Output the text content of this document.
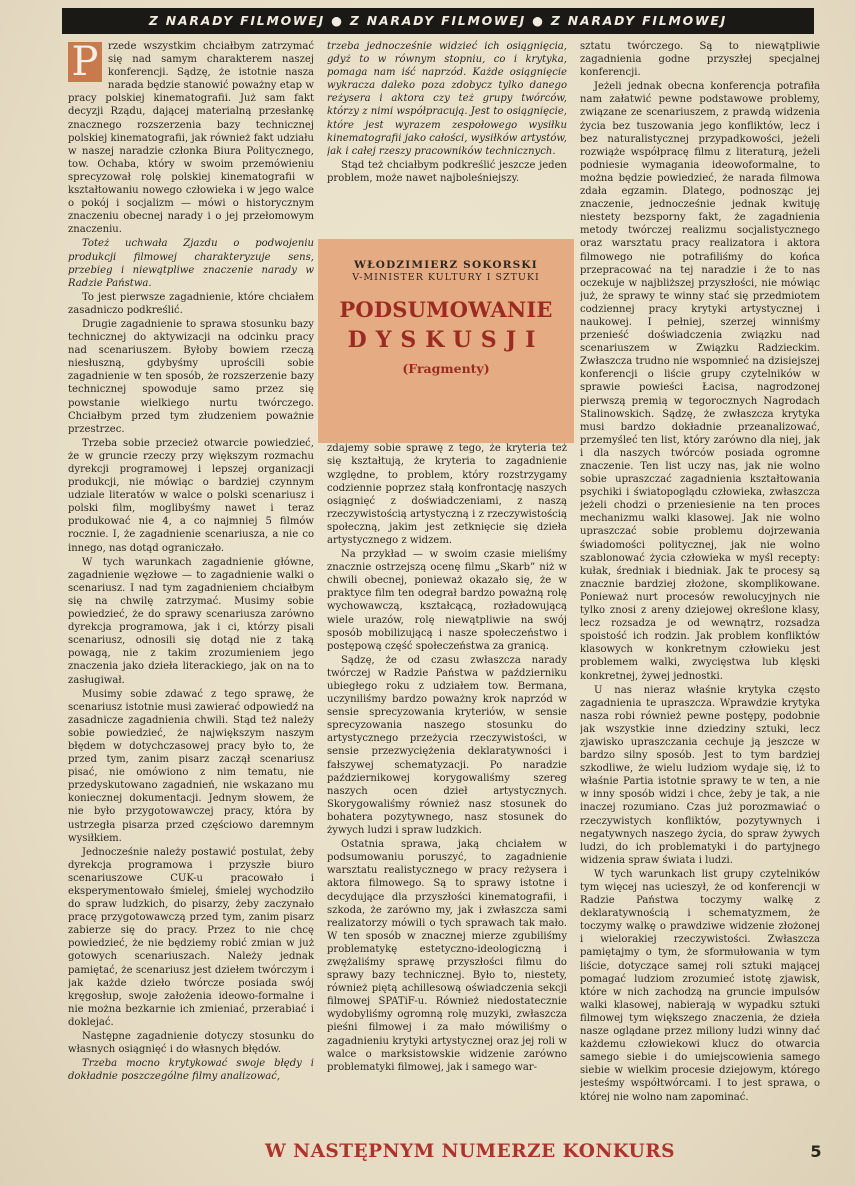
Z NARADY FILMOWEJ ● Z NARADY FILMOWEJ ● Z NARADY FILMOWEJ

P rzede wszystkim chciałbym zatrzymać się nad samym charakterem naszej konferencji. Sądzę, że istotnie nasza narada będzie stanowić poważny etap w pracy polskiej kinematografii. Już sam fakt decyzji Rządu, dającej materialną przesłankę znacznego rozszerzenia bazy technicznej polskiej kinematografii, jak również fakt udziału w naszej naradzie członka Biura Politycznego, tow. Ochaba, który w swoim przemówieniu sprecyzował rolę polskiej kinematografii w kształtowaniu nowego człowieka i w jego walce o pokój i socjalizm — mówi o historycznym znaczeniu obecnej narady i o jej przełomowym znaczeniu.

Toteż uchwała Zjazdu o podwojeniu produkcji filmowej charakteryzuje sens, przebieg i niewątpliwe znaczenie narady w Radzie Państwa.

To jest pierwsze zagadnienie, które chciałem zasadniczo podkreślić.

Drugie zagadnienie to sprawa stosunku bazy technicznej do aktywizacji na odcinku pracy nad scenariuszem. Byłoby bowiem rzeczą niesłuszną, gdybyśmy uprościli sobie zagadnienie w ten sposób, że rozszerzenie bazy technicznej spowoduje samo przez się powstanie wielkiego nurtu twórczego. Chciałbym przed tym złudzeniem poważnie przestrzec.

Trzeba sobie przecież otwarcie powiedzieć, że w gruncie rzeczy przy większym rozmachu dyrekcji programowej i lepszej organizacji produkcji, nie mówiąc o bardziej czynnym udziale literatów w walce o polski scenariusz i polski film, moglibyśmy nawet i teraz produkować nie 4, a co najmniej 5 filmów rocznie. I, że zagadnienie scenariusza, a nie co innego, nas dotąd ograniczało.

W tych warunkach zagadnienie główne, zagadnienie węzłowe — to zagadnienie walki o scenariusz. I nad tym zagadnieniem chciałbym się na chwilę zatrzymać. Musimy sobie powiedzieć, że do sprawy scenariusza zarówno dyrekcja programowa, jak i ci, którzy pisali scenariusz, odnosili się dotąd nie z taką powagą, nie z takim zrozumieniem jego znaczenia jako dzieła literackiego, jak on na to zasługiwał.

Musimy sobie zdawać z tego sprawę, że scenariusz istotnie musi zawierać odpowiedź na zasadnicze zagadnienia chwili. Stąd też należy sobie powiedzieć, że największym naszym błędem w dotychczasowej pracy było to, że przed tym, zanim pisarz zaczął scenariusz pisać, nie omówiono z nim tematu, nie przedyskutowano zagadnień, nie wskazano mu koniecznej dokumentacji. Jednym słowem, że nie było przygotowawczej pracy, która by ustrzegła pisarza przed częściowo daremnym wysiłkiem.

Jednocześnie należy postawić postulat, żeby dyrekcja programowa i przyszłe biuro scenariuszowe CUK-u pracowało i eksperymentowało śmielej, śmielej wychodziło do spraw ludzkich, do pisarzy, żeby zaczynało pracę przygotowawczą przed tym, zanim pisarz zabierze się do pracy. Przez to nie chcę powiedzieć, że nie będziemy robić zmian w już gotowych scenariuszach. Należy jednak pamiętać, że scenariusz jest dziełem twórczym i jak każde dzieło twórcze posiada swój kręgosłup, swoje założenia ideowo-formalne i nie można bezkarnie ich zmieniać, przerabiać i doklejać.

Następne zagadnienie dotyczy stosunku do własnych osiągnięć i do własnych błędów.

Trzeba mocno krytykować swoje błędy i dokładnie poszczególne filmy analizować,

trzeba jednocześnie widzieć ich osiągnięcia, gdyż to w równym stopniu, co i krytyka, pomaga nam iść naprzód. Każde osiągnięcie wykracza daleko poza zdobycz tylko danego reżysera i aktora czy też grupy twórców, którzy z nimi współpracują. Jest to osiągnięcie, które jest wyrazem zespołowego wysiłku kinematografii jako całości, wysiłków artystów, jak i całej rzeszy pracowników technicznych.

Stąd też chciałbym podkreślić jeszcze jeden problem, może nawet najboleśniejszy.

zdajemy sobie sprawę z tego, że kryteria też się kształtują, że kryteria to zagadnienie względne, to problem, który rozstrzygamy codziennie poprzez stałą konfrontację naszych osiągnięć z doświadczeniami, z naszą rzeczywistością artystyczną i z rzeczywistością społeczną, jakim jest zetknięcie się dzieła artystycznego z widzem.

Na przykład — w swoim czasie mieliśmy znacznie ostrzejszą ocenę filmu „Skarb” niż w chwili obecnej, ponieważ okazało się, że w praktyce film ten odegrał bardzo poważną rolę wychowawczą, kształcącą, rozładowującą wiele urazów, rolę niewątpliwie na swój sposób mobilizującą i nasze społeczeństwo i postępową część społeczeństwa za granicą.

Sądzę, że od czasu zwłaszcza narady twórczej w Radzie Państwa w październiku ubiegłego roku z udziałem tow. Bermana, uczyniliśmy bardzo poważny krok naprzód w sensie sprecyzowania kryteriów, w sensie sprecyzowania naszego stosunku do artystycznego przeżycia rzeczywistości, w sensie przezwyciężenia deklaratywności i fałszywej schematyzacji. Po naradzie październikowej korygowaliśmy szereg naszych ocen dzieł artystycznych. Skorygowaliśmy również nasz stosunek do bohatera pozytywnego, nasz stosunek do żywych ludzi i spraw ludzkich.

Ostatnia sprawa, jaką chciałem w podsumowaniu poruszyć, to zagadnienie warsztatu realistycznego w pracy reżysera i aktora filmowego. Są to sprawy istotne i decydujące dla przyszłości kinematografii, i szkoda, że zarówno my, jak i zwłaszcza sami realizatorzy mówili o tych sprawach tak mało. W ten sposób w znacznej mierze zgubiliśmy problematykę estetyczno-ideologiczną i zwężaliśmy sprawę przyszłości filmu do sprawy bazy technicznej. Było to, niestety, również piętą achillesową oświadczenia sekcji filmowej SPATiF-u. Również niedostatecznie wydobyliśmy ogromną rolę muzyki, zwłaszcza pieśni filmowej i za mało mówiliśmy o zagadnieniu krytyki artystycznej oraz jej roli w walce o marksistowskie widzenie zarówno problematyki filmowej, jak i samego war-

WŁODZIMIERZ SOKORSKI
V-MINISTER KULTURY I SZTUKI
PODSUMOWANIE
DYSKUSJI
(Fragmenty)

sztatu twórczego. Są to niewątpliwie zagadnienia godne przyszłej specjalnej konferencji.

Jeżeli jednak obecna konferencja potrafiła nam załatwić pewne podstawowe problemy, związane ze scenariuszem, z prawdą widzenia życia bez tuszowania jego konfliktów, lecz i bez naturalistycznej przypadkowości, jeżeli rozwiąże współpracę filmu z literaturą, jeżeli podniesie wymagania ideowoformalne, to można będzie powiedzieć, że narada filmowa zdała egzamin. Dlatego, podnosząc jej znaczenie, jednocześnie jednak kwituję niestety bezsporny fakt, że zagadnienia metody twórczej realizmu socjalistycznego oraz warsztatu pracy realizatora i aktora filmowego nie potrafiliśmy do końca przepracować na tej naradzie i że to nas oczekuje w najbliższej przyszłości, nie mówiąc już, że sprawy te winny stać się przedmiotem codziennej pracy krytyki artystycznej i naukowej. I pełniej, szerzej winniśmy przenieść doświadczenia związku nad scenariuszem w Związku Radzieckim. Zwłaszcza trudno nie wspomnieć na dzisiejszej konferencji o liście grupy czytelników w sprawie powieści Łacisa, nagrodzonej pierwszą premią w tegorocznych Nagrodach Stalinowskich. Sądzę, że zwłaszcza krytyka musi bardzo dokładnie przeanalizować, przemyśleć ten list, który zarówno dla niej, jak i dla naszych twórców posiada ogromne znaczenie. Ten list uczy nas, jak nie wolno sobie upraszczać zagadnienia kształtowania psychiki i światopoglądu człowieka, zwłaszcza jeżeli chodzi o przeniesienie na ten proces mechanizmu walki klasowej. Jak nie wolno upraszczać sobie problemu dojrzewania świadomości politycznej, jak nie wolno szablonować życia człowieka w myśl recepty: kułak, średniak i biedniak. Jak te procesy są znacznie bardziej złożone, skomplikowane. Ponieważ nurt procesów rewolucyjnych nie tylko znosi z areny dziejowej określone klasy, lecz rozsadza je od wewnątrz, rozsadza spoistość ich rodzin. Jak problem konfliktów klasowych w konkretnym człowieku jest problemem walki, zwycięstwa lub klęski konkretnej, żywej jednostki.

U nas nieraz właśnie krytyka często zagadnienia te upraszcza. Wprawdzie krytyka nasza robi również pewne postępy, podobnie jak wszystkie inne dziedziny sztuki, lecz zjawisko upraszczania cechuje ją jeszcze w bardzo silny sposób. Jest to tym bardziej szkodliwe, że wielu ludziom wydaje się, iż to właśnie Partia istotnie sprawy te w ten, a nie w inny sposób widzi i chce, żeby je tak, a nie inaczej rozumiano. Czas już porozmawiać o rzeczywistych konfliktów, pozytywnych i negatywnych naszego życia, do spraw żywych ludzi, do ich problematyki i do partyjnego widzenia spraw świata i ludzi.

W tych warunkach list grupy czytelników tym więcej nas ucieszył, że od konferencji w Radzie Państwa toczymy walkę z deklaratywnością i schematyzmem, że toczymy walkę o prawdziwe widzenie złożonej i wielorakiej rzeczywistości. Zwłaszcza pamiętajmy o tym, że sformułowania w tym liście, dotyczące samej roli sztuki mającej pomagać ludziom zrozumieć istotę zjawisk, które w nich zachodzą na gruncie impulsów walki klasowej, nabierają w wypadku sztuki filmowej tym większego znaczenia, że dzieła nasze oglądane przez miliony ludzi winny dać każdemu człowiekowi klucz do otwarcia samego siebie i do umiejscowienia samego siebie w wielkim procesie dziejowym, którego jesteśmy współtwórcami. I to jest sprawa, o której nie wolno nam zapominać.

W NASTĘPNYM NUMERZE KONKURS	5
